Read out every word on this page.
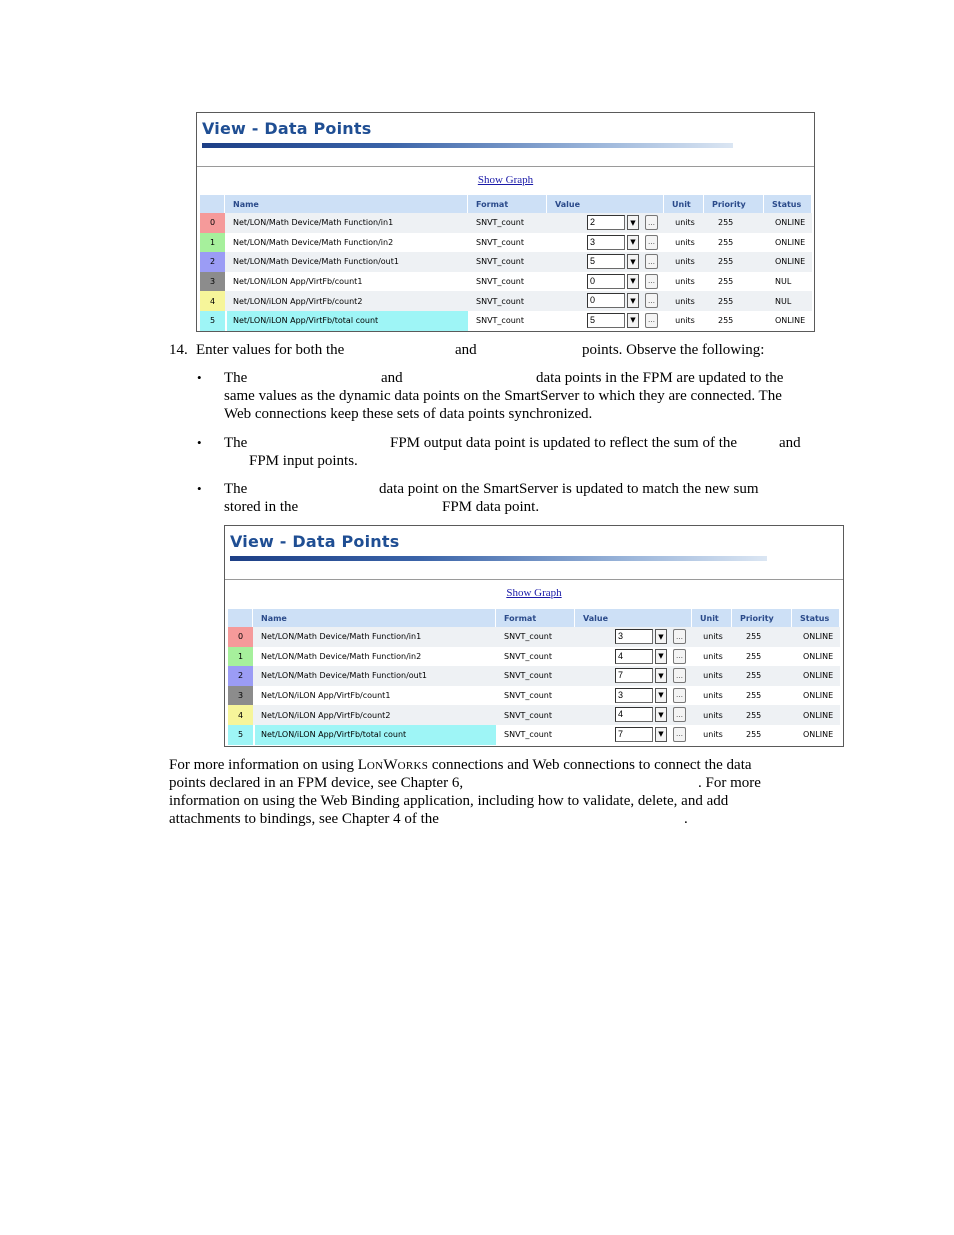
View - Data Points
Show Graph
Name	Format	Value	Unit	Priority	Status
0	Net/LON/Math Device/Math Function/in1	SNVT_count	2	▼ …	units	255	ONLINE
1	Net/LON/Math Device/Math Function/in2	SNVT_count	3	▼ …	units	255	ONLINE
2	Net/LON/Math Device/Math Function/out1	SNVT_count	5	▼ …	units	255	ONLINE
3	Net/LON/iLON App/VirtFb/count1	SNVT_count	0	▼ …	units	255	NUL
4	Net/LON/iLON App/VirtFb/count2	SNVT_count	0	▼ …	units	255	NUL
5	Net/LON/iLON App/VirtFb/total count	SNVT_count	5	▼ …	units	255	ONLINE
14. Enter values for both the	and	points. Observe the following:
• The	and	data points in the FPM are updated to the
same values as the dynamic data points on the SmartServer to which they are connected. The
Web connections keep these sets of data points synchronized.
• The	FPM output data point is updated to reflect the sum of the	and
FPM input points.
• The	data point on the SmartServer is updated to match the new sum
stored in the	FPM data point.
View - Data Points
Show Graph
Name	Format	Value	Unit	Priority	Status
0	Net/LON/Math Device/Math Function/in1	SNVT_count	3	▼ …	units	255	ONLINE
1	Net/LON/Math Device/Math Function/in2	SNVT_count	4	▼ …	units	255	ONLINE
2	Net/LON/Math Device/Math Function/out1	SNVT_count	7	▼ …	units	255	ONLINE
3	Net/LON/iLON App/VirtFb/count1	SNVT_count	3	▼ …	units	255	ONLINE
4	Net/LON/iLON App/VirtFb/count2	SNVT_count	4	▼ …	units	255	ONLINE
5	Net/LON/iLON App/VirtFb/total count	SNVT_count	7	▼ …	units	255	ONLINE
For more information on using LONWORKS connections and Web connections to connect the data
points declared in an FPM device, see Chapter 6,	. For more
information on using the Web Binding application, including how to validate, delete, and add
attachments to bindings, see Chapter 4 of the	.
